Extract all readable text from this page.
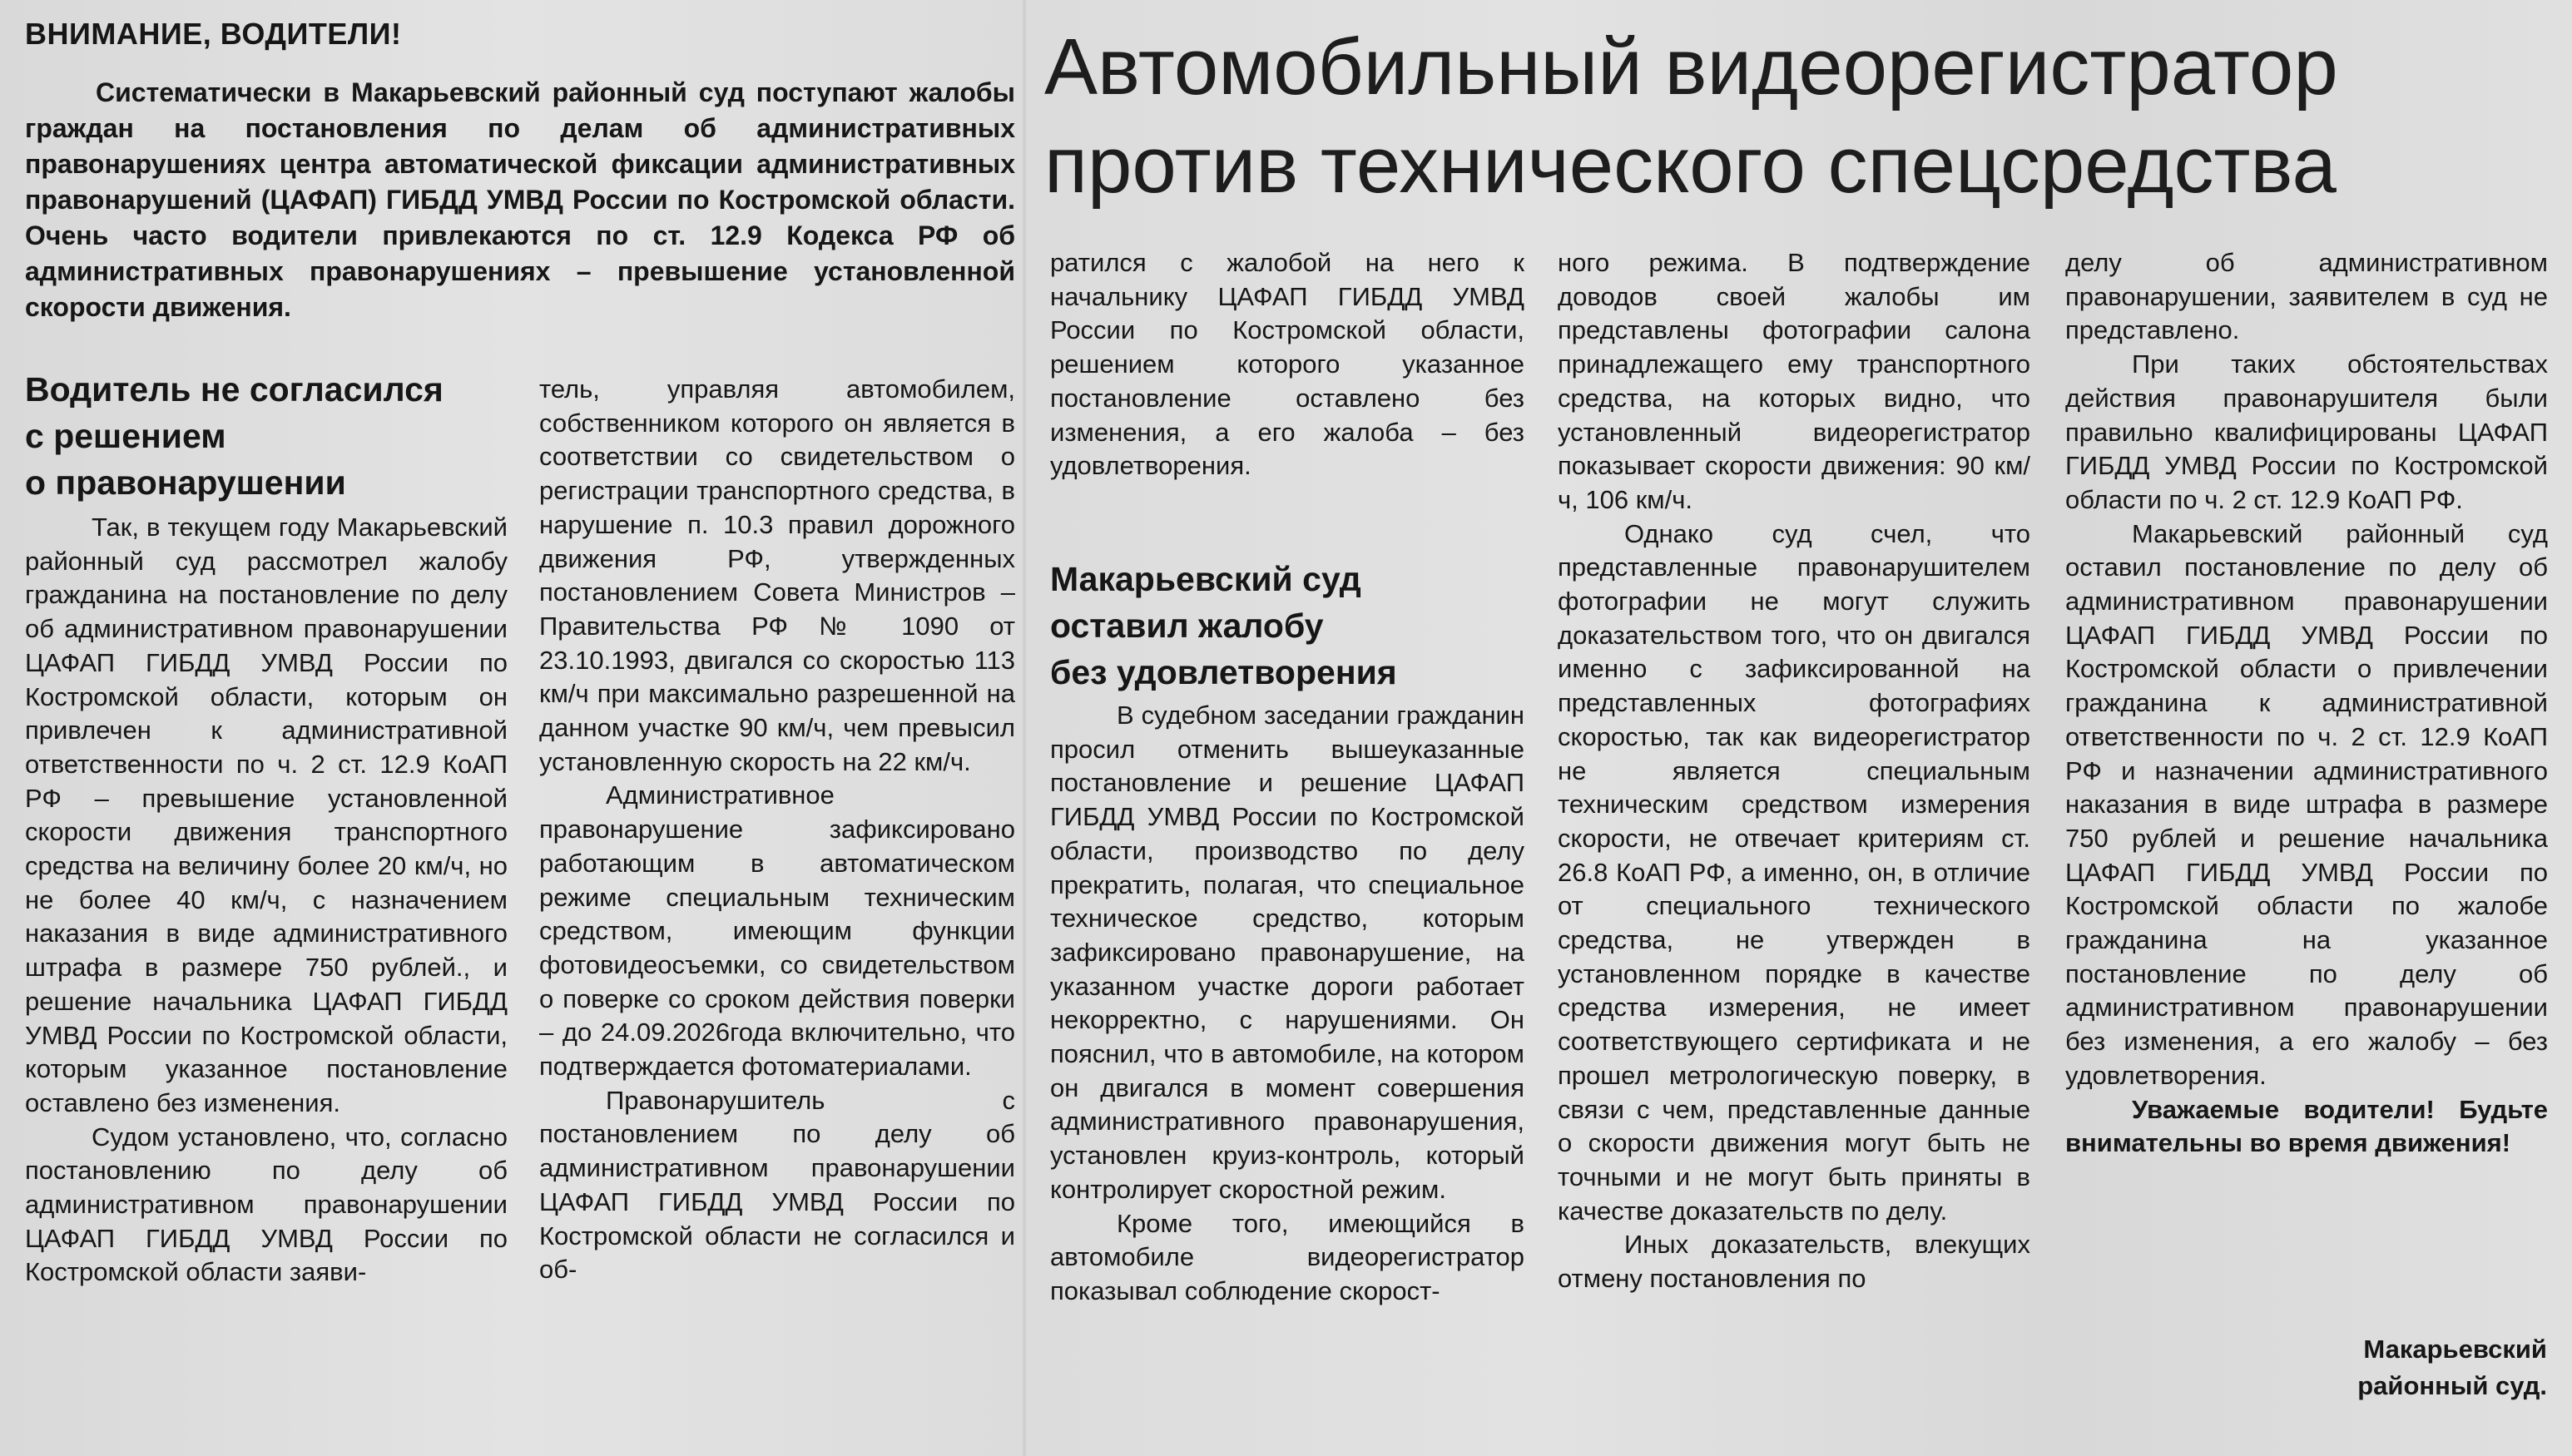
ВНИМАНИЕ, ВОДИТЕЛИ!

Систематически в Макарьевский районный суд поступают жалобы граждан на постановления по делам об административных правонарушениях центра автоматической фиксации административных правонарушений (ЦАФАП) ГИБДД УМВД России по Костромской области. Очень часто водители привлекаются по ст. 12.9 Кодекса РФ об административных правонарушениях – превышение установленной скорости движения.

Автомобильный видеорегистратор
против технического спецсредства
Водитель не согласился
с решением
о правонарушении

Так, в текущем году Макарьевский районный суд рассмотрел жалобу гражданина на постановление по делу об административном правонарушении ЦАФАП ГИБДД УМВД России по Костромской области, которым он привлечен к административной ответственности по ч. 2 ст. 12.9 КоАП РФ – превышение установленной скорости движения транспортного средства на величину более 20 км/ч, но не более 40 км/ч, с назначением наказания в виде административного штрафа в размере 750 рублей., и решение начальника ЦАФАП ГИБДД УМВД России по Костромской области, которым указанное постановление оставлено без изменения.

Судом установлено, что, согласно постановлению по делу об административном правонарушении ЦАФАП ГИБДД УМВД России по Костромской области заяви-

тель, управляя автомобилем, собственником которого он является в соответствии со свидетельством о регистрации транспортного средства, в нарушение п. 10.3 правил дорожного движения РФ, утвержденных постановлением Совета Министров – Правительства РФ № 1090 от 23.10.1993, двигался со скоростью 113 км/ч при максимально разрешенной на данном участке 90 км/ч, чем превысил установленную скорость на 22 км/ч.

Административное правонарушение зафиксировано работающим в автоматическом режиме специальным техническим средством, имеющим функции фотовидеосъемки, со свидетельством о поверке со сроком действия поверки – до 24.09.2026года включительно, что подтверждается фотоматериалами.

Правонарушитель с постановлением по делу об административном правонарушении ЦАФАП ГИБДД УМВД России по Костромской области не согласился и об-

ратился с жалобой на него к начальнику ЦАФАП ГИБДД УМВД России по Костромской области, решением которого указанное постановление оставлено без изменения, а его жалоба – без удовлетворения.

Макарьевский суд
оставил жалобу
без удовлетворения

В судебном заседании гражданин просил отменить вышеуказанные постановление и решение ЦАФАП ГИБДД УМВД России по Костромской области, производство по делу прекратить, полагая, что специальное техническое средство, которым зафиксировано правонарушение, на указанном участке дороги работает некорректно, с нарушениями. Он пояснил, что в автомобиле, на котором он двигался в момент совершения административного правонарушения, установлен круиз-контроль, который контролирует скоростной режим.

Кроме того, имеющийся в автомобиле видеорегистратор показывал соблюдение скорост-

ного режима. В подтверждение доводов своей жалобы им представлены фотографии салона принадлежащего ему транспортного средства, на которых видно, что установленный видеорегистратор показывает скорости движения: 90 км/ч, 106 км/ч.

Однако суд счел, что представленные правонарушителем фотографии не могут служить доказательством того, что он двигался именно с зафиксированной на представленных фотографиях скоростью, так как видеорегистратор не является специальным техническим средством измерения скорости, не отвечает критериям ст. 26.8 КоАП РФ, а именно, он, в отличие от специального технического средства, не утвержден в установленном порядке в качестве средства измерения, не имеет соответствующего сертификата и не прошел метрологическую поверку, в связи с чем, представленные данные о скорости движения могут быть не точными и не могут быть приняты в качестве доказательств по делу.

Иных доказательств, влекущих отмену постановления по

делу об административном правонарушении, заявителем в суд не представлено.

При таких обстоятельствах действия правонарушителя были правильно квалифицированы ЦАФАП ГИБДД УМВД России по Костромской области по ч. 2 ст. 12.9 КоАП РФ.

Макарьевский районный суд оставил постановление по делу об административном правонарушении ЦАФАП ГИБДД УМВД России по Костромской области о привлечении гражданина к административной ответственности по ч. 2 ст. 12.9 КоАП РФ и назначении административного наказания в виде штрафа в размере 750 рублей и решение начальника ЦАФАП ГИБДД УМВД России по Костромской области по жалобе гражданина на указанное постановление по делу об административном правонарушении без изменения, а его жалобу – без удовлетворения.

Уважаемые водители! Будьте внимательны во время движения!

Макарьевский
районный суд.
